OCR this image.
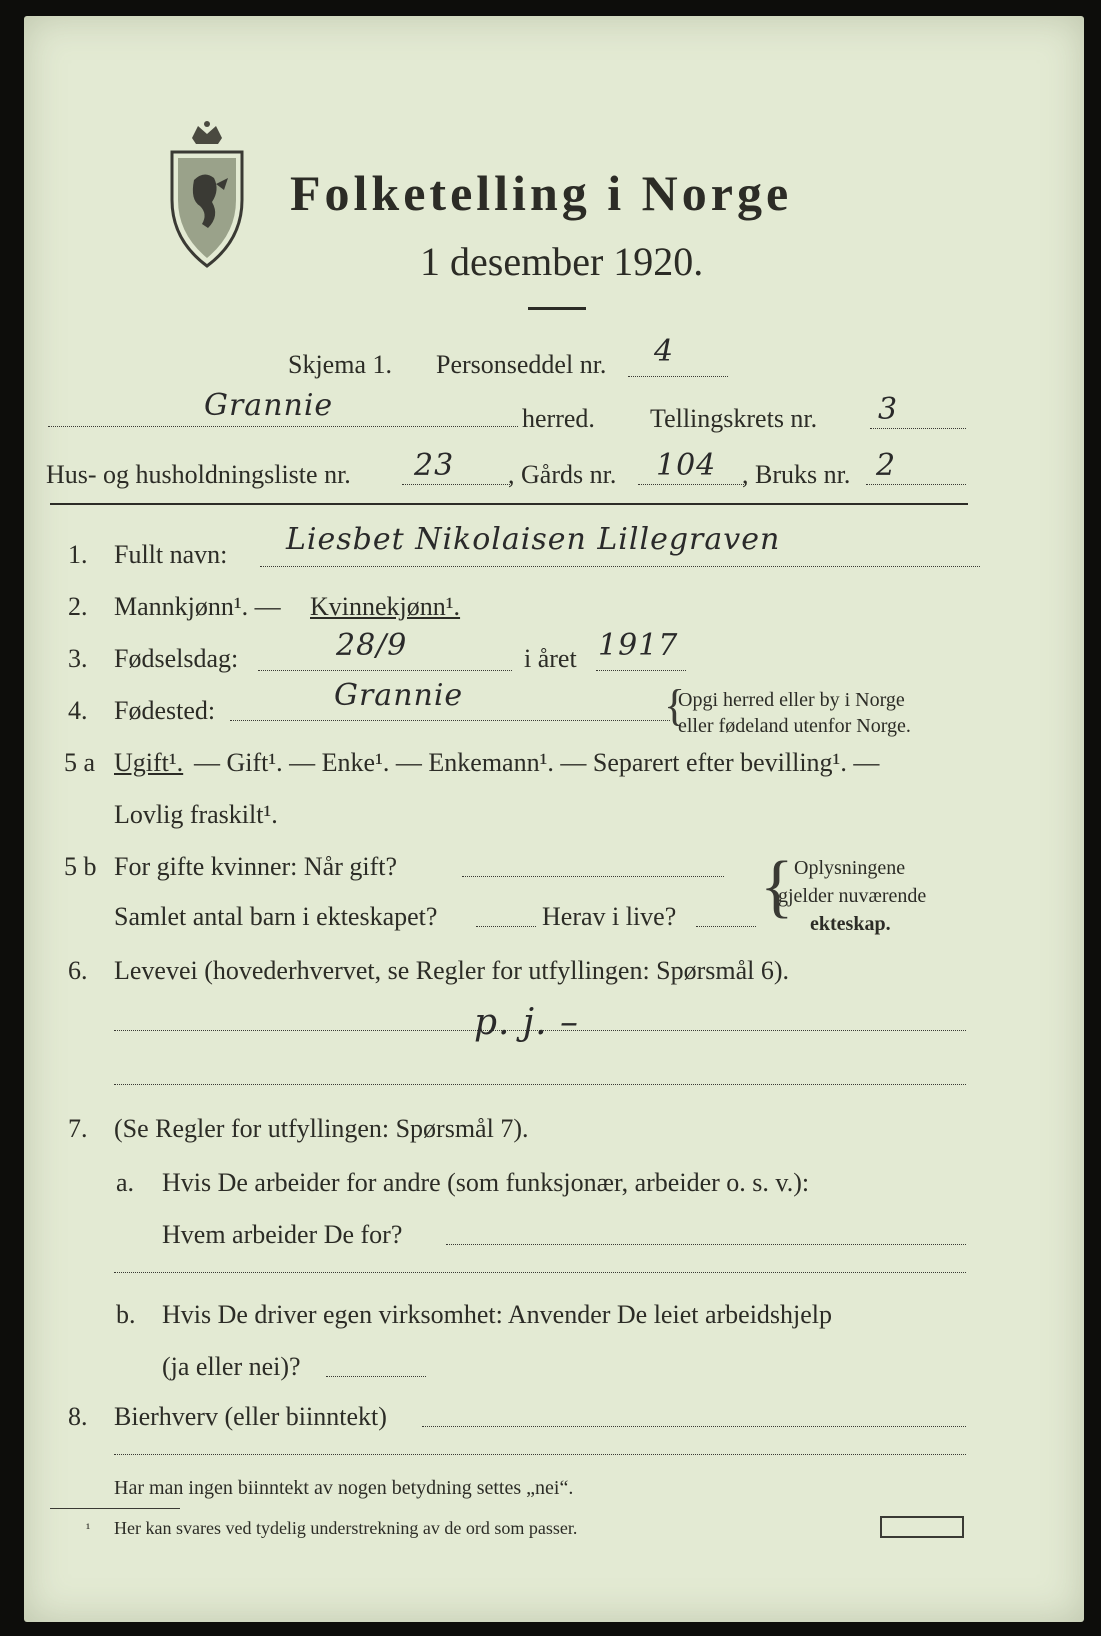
Folketelling i Norge
1 desember 1920.
Skjema 1. Personseddel nr. 4
Grannie	herred. Tellingskrets nr. 3
Hus- og husholdningsliste nr. 23 , Gårds nr. 104 , Bruks nr. 2
1. Fullt navn: Liesbet Nikolaisen Lillegraven
2. Mannkjønn¹. — Kvinnekjønn¹.
3. Fødselsdag:	28/9	i året 1917
4. Fødested:	Grannie	{
Opgi herred eller by i Norge
eller fødeland utenfor Norge.
5 a Ugift¹. — Gift¹. — Enke¹. — Enkemann¹. — Separert efter bevilling¹. —
Lovlig fraskilt¹.
5 b For gifte kvinner: Når gift?
Samlet antal barn i ekteskapet?	Herav i live? { Oplysningene
gjelder nuværende
ekteskap.
6. Levevei (hovederhvervet, se Regler for utfyllingen: Spørsmål 6).
p. j. –
7. (Se Regler for utfyllingen: Spørsmål 7).
a. Hvis De arbeider for andre (som funksjonær, arbeider o. s. v.):
Hvem arbeider De for?
b. Hvis De driver egen virksomhet: Anvender De leiet arbeidshjelp
(ja eller nei)?
8. Bierhverv (eller biinntekt)
Har man ingen biinntekt av nogen betydning settes „nei“.
¹ Her kan svares ved tydelig understrekning av de ord som passer.
